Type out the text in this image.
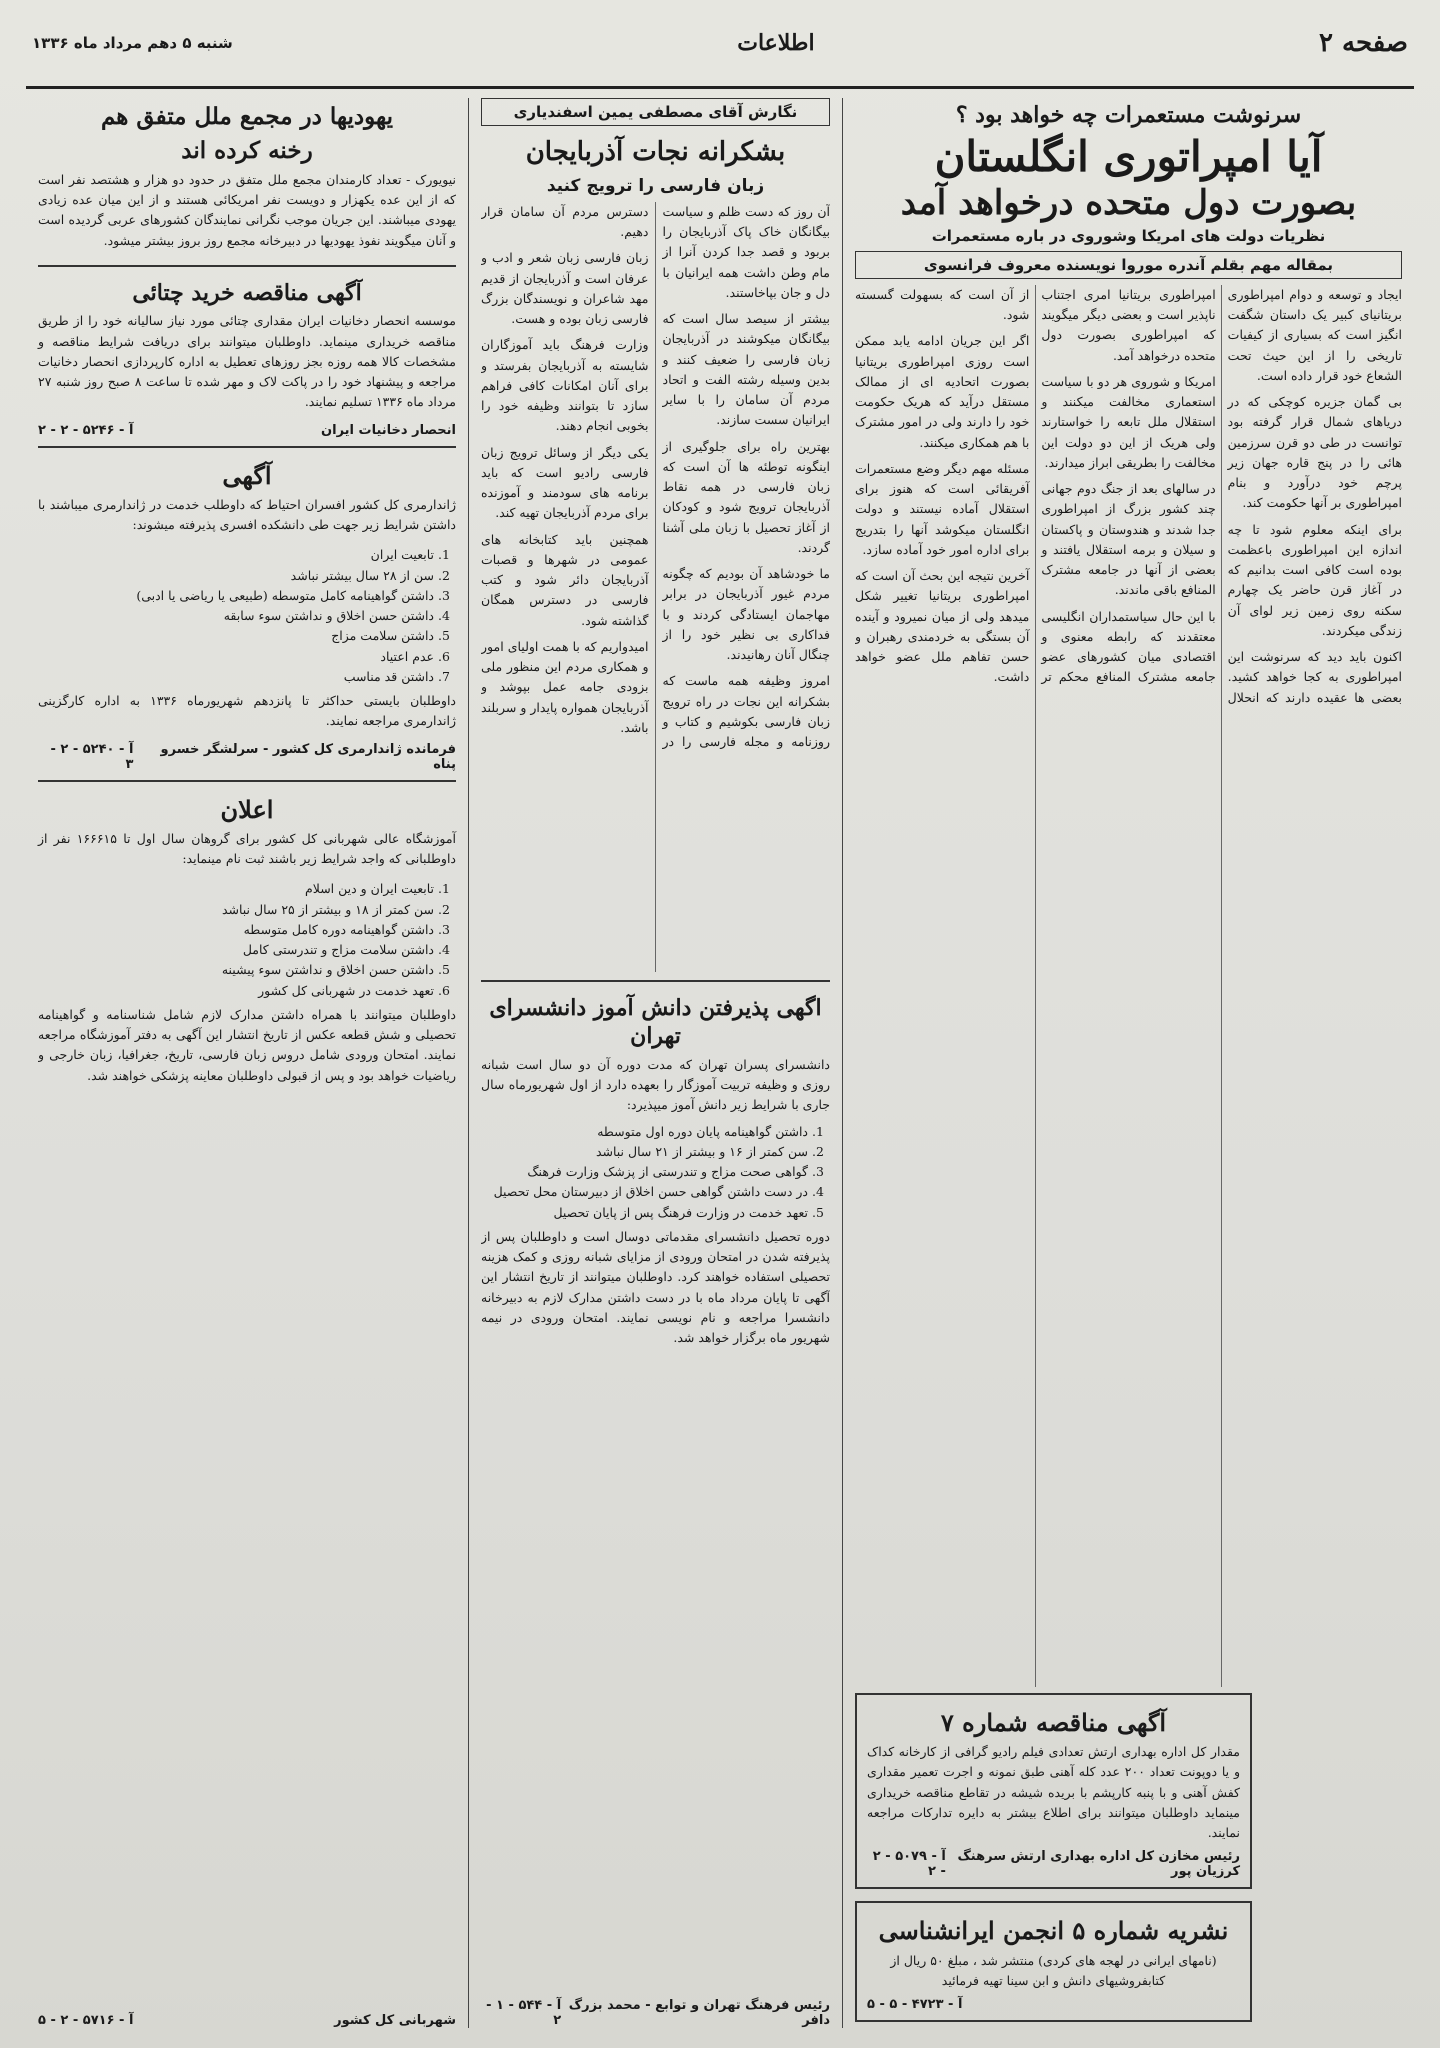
صفحه ۲
اطلاعات
شنبه ۵ دهم مرداد ماه ۱۳۳۶
سرنوشت مستعمرات چه خواهد بود ؟
آیا امپراتوری انگلستان
بصورت دول متحده درخواهد آمد
نظریات دولت های امریکا وشوروی در باره مستعمرات
بمقاله مهم بقلم آندره موروا نویسنده معروف فرانسوی

ایجاد و توسعه و دوام امپراطوری بریتانیای کبیر یک داستان شگفت انگیز است که بسیاری از کیفیات تاریخی را از این حیث تحت الشعاع خود قرار داده است.

بی گمان جزیره کوچکی که در دریاهای شمال قرار گرفته بود توانست در طی دو قرن سرزمین هائی را در پنج قاره جهان زیر پرچم خود درآورد و بنام امپراطوری بر آنها حکومت کند.

برای اینکه معلوم شود تا چه اندازه این امپراطوری باعظمت بوده است کافی است بدانیم که در آغاز قرن حاضر یک چهارم سکنه روی زمین زیر لوای آن زندگی میکردند.

اکنون باید دید که سرنوشت این امپراطوری به کجا خواهد کشید. بعضی ها عقیده دارند که انحلال امپراطوری بریتانیا امری اجتناب ناپذیر است و بعضی دیگر میگویند که امپراطوری بصورت دول متحده درخواهد آمد.

امریکا و شوروی هر دو با سیاست استعماری مخالفت میکنند و استقلال ملل تابعه را خواستارند ولی هریک از این دو دولت این مخالفت را بطریقی ابراز میدارند.

در سالهای بعد از جنگ دوم جهانی چند کشور بزرگ از امپراطوری جدا شدند و هندوستان و پاکستان و سیلان و برمه استقلال یافتند و بعضی از آنها در جامعه مشترک المنافع باقی ماندند.

با این حال سیاستمداران انگلیسی معتقدند که رابطه معنوی و اقتصادی میان کشورهای عضو جامعه مشترک المنافع محکم تر از آن است که بسهولت گسسته شود.

اگر این جریان ادامه یابد ممکن است روزی امپراطوری بریتانیا بصورت اتحادیه ای از ممالک مستقل درآید که هریک حکومت خود را دارند ولی در امور مشترک با هم همکاری میکنند.

مسئله مهم دیگر وضع مستعمرات آفریقائی است که هنوز برای استقلال آماده نیستند و دولت انگلستان میکوشد آنها را بتدریج برای اداره امور خود آماده سازد.

آخرین نتیجه این بحث آن است که امپراطوری بریتانیا تغییر شکل میدهد ولی از میان نمیرود و آینده آن بستگی به خردمندی رهبران و حسن تفاهم ملل عضو خواهد داشت.

آگهی مناقصه شماره ۷

مقدار کل اداره بهداری ارتش تعدادی فیلم رادیو گرافی از کارخانه کداک و یا دوپونت تعداد ۲۰۰ عدد کله آهنی طبق نمونه و اجرت تعمیر مقداری کفش آهنی و با پنبه کارپشم با بریده شیشه در تقاطع مناقصه خریداری مینماید داوطلبان میتوانند برای اطلاع بیشتر به دایره تدارکات مراجعه نمایند.

رئیس مخازن کل اداره بهداری ارتش سرهنگ کرزیان پور
آ - ۵۰۷۹ - ۲ - ۲
نشریه شماره ۵ انجمن ایرانشناسی

(نامهای ایرانی در لهجه های کردی) منتشر شد ، مبلغ ۵۰ ریال از کتابفروشیهای دانش و ابن سینا تهیه فرمائید

آ - ۴۷۲۳ - ۵ - ۵
نگارش آقای مصطفی یمین اسفندیاری
بشکرانه نجات آذربایجان
زبان فارسی را ترویج کنید

آن روز که دست ظلم و سیاست بیگانگان خاک پاک آذربایجان را بربود و قصد جدا کردن آنرا از مام وطن داشت همه ایرانیان با دل و جان بپاخاستند.

بیشتر از سیصد سال است که بیگانگان میکوشند در آذربایجان زبان فارسی را ضعیف کنند و بدین وسیله رشته الفت و اتحاد مردم آن سامان را با سایر ایرانیان سست سازند.

بهترین راه برای جلوگیری از اینگونه توطئه ها آن است که زبان فارسی در همه نقاط آذربایجان ترویج شود و کودکان از آغاز تحصیل با زبان ملی آشنا گردند.

ما خودشاهد آن بودیم که چگونه مردم غیور آذربایجان در برابر مهاجمان ایستادگی کردند و با فداکاری بی نظیر خود را از چنگال آنان رهانیدند.

امروز وظیفه همه ماست که بشکرانه این نجات در راه ترویج زبان فارسی بکوشیم و کتاب و روزنامه و مجله فارسی را در دسترس مردم آن سامان قرار دهیم.

زبان فارسی زبان شعر و ادب و عرفان است و آذربایجان از قدیم مهد شاعران و نویسندگان بزرگ فارسی زبان بوده و هست.

وزارت فرهنگ باید آموزگاران شایسته به آذربایجان بفرستد و برای آنان امکانات کافی فراهم سازد تا بتوانند وظیفه خود را بخوبی انجام دهند.

یکی دیگر از وسائل ترویج زبان فارسی رادیو است که باید برنامه های سودمند و آموزنده برای مردم آذربایجان تهیه کند.

همچنین باید کتابخانه های عمومی در شهرها و قصبات آذربایجان دائر شود و کتب فارسی در دسترس همگان گذاشته شود.

امیدواریم که با همت اولیای امور و همکاری مردم این منظور ملی بزودی جامه عمل بپوشد و آذربایجان همواره پایدار و سربلند باشد.

اگهی پذیرفتن دانش آموز دانشسرای تهران

دانشسرای پسران تهران که مدت دوره آن دو سال است شبانه روزی و وظیفه تربیت آموزگار را بعهده دارد از اول شهریورماه سال جاری با شرایط زیر دانش آموز میپذیرد:

1. داشتن گواهینامه پایان دوره اول متوسطه
2. سن کمتر از ۱۶ و بیشتر از ۲۱ سال نباشد
3. گواهی صحت مزاج و تندرستی از پزشک وزارت فرهنگ
4. در دست داشتن گواهی حسن اخلاق از دبیرستان محل تحصیل
5. تعهد خدمت در وزارت فرهنگ پس از پایان تحصیل

دوره تحصیل دانشسرای مقدماتی دوسال است و داوطلبان پس از پذیرفته شدن در امتحان ورودی از مزایای شبانه روزی و کمک هزینه تحصیلی استفاده خواهند کرد. داوطلبان میتوانند از تاریخ انتشار این آگهی تا پایان مرداد ماه با در دست داشتن مدارک لازم به دبیرخانه دانشسرا مراجعه و نام نویسی نمایند. امتحان ورودی در نیمه شهریور ماه برگزار خواهد شد.

رئیس فرهنگ تهران و توابع - محمد بزرگ دافر
آ - ۵۴۴ - ۱ - ۲
یهودیها در مجمع ملل متفق هم
رخنه کرده اند

نیویورک - تعداد کارمندان مجمع ملل متفق در حدود دو هزار و هشتصد نفر است که از این عده یکهزار و دویست نفر امریکائی هستند و از این میان عده زیادی یهودی میباشند. این جریان موجب نگرانی نمایندگان کشورهای عربی گردیده است و آنان میگویند نفوذ یهودیها در دبیرخانه مجمع روز بروز بیشتر میشود.

آگهی مناقصه خرید چتائی

موسسه انحصار دخانیات ایران مقداری چتائی مورد نیاز سالیانه خود را از طریق مناقصه خریداری مینماید. داوطلبان میتوانند برای دریافت شرایط مناقصه و مشخصات کالا همه روزه بجز روزهای تعطیل به اداره کارپردازی انحصار دخانیات مراجعه و پیشنهاد خود را در پاکت لاک و مهر شده تا ساعت ۸ صبح روز شنبه ۲۷ مرداد ماه ۱۳۳۶ تسلیم نمایند.

انحصار دخانیات ایران
آ - ۵۲۴۶ - ۲ - ۲
آگهی

ژاندارمری کل کشور افسران احتیاط که داوطلب خدمت در ژاندارمری میباشند با داشتن شرایط زیر جهت طی دانشکده افسری پذیرفته میشوند:

1. تابعیت ایران
2. سن از ۲۸ سال بیشتر نباشد
3. داشتن گواهینامه کامل متوسطه (طبیعی یا ریاضی یا ادبی)
4. داشتن حسن اخلاق و نداشتن سوء سابقه
5. داشتن سلامت مزاج
6. عدم اعتیاد
7. داشتن قد مناسب

داوطلبان بایستی حداکثر تا پانزدهم شهریورماه ۱۳۳۶ به اداره کارگزینی ژاندارمری مراجعه نمایند.

فرمانده ژاندارمری کل کشور - سرلشگر خسرو پناه
آ - ۵۲۴۰ - ۲ - ۳
اعلان

آموزشگاه عالی شهربانی کل کشور برای گروهان سال اول تا ۱۶۶۶۱۵ نفر از داوطلبانی که واجد شرایط زیر باشند ثبت نام مینماید:

1. تابعیت ایران و دین اسلام
2. سن کمتر از ۱۸ و بیشتر از ۲۵ سال نباشد
3. داشتن گواهینامه دوره کامل متوسطه
4. داشتن سلامت مزاج و تندرستی کامل
5. داشتن حسن اخلاق و نداشتن سوء پیشینه
6. تعهد خدمت در شهربانی کل کشور
داوطلبان میتوانند با همراه داشتن مدارک لازم شامل شناسنامه و گواهینامه تحصیلی و شش قطعه عکس از تاریخ انتشار این آگهی به دفتر آموزشگاه مراجعه نمایند. امتحان ورودی شامل دروس زبان فارسی، تاریخ، جغرافیا، زبان خارجی و ریاضیات خواهد بود و پس از قبولی داوطلبان معاینه پزشکی خواهند شد.
شهربانی کل کشور
آ - ۵۷۱۶ - ۲ - ۵
